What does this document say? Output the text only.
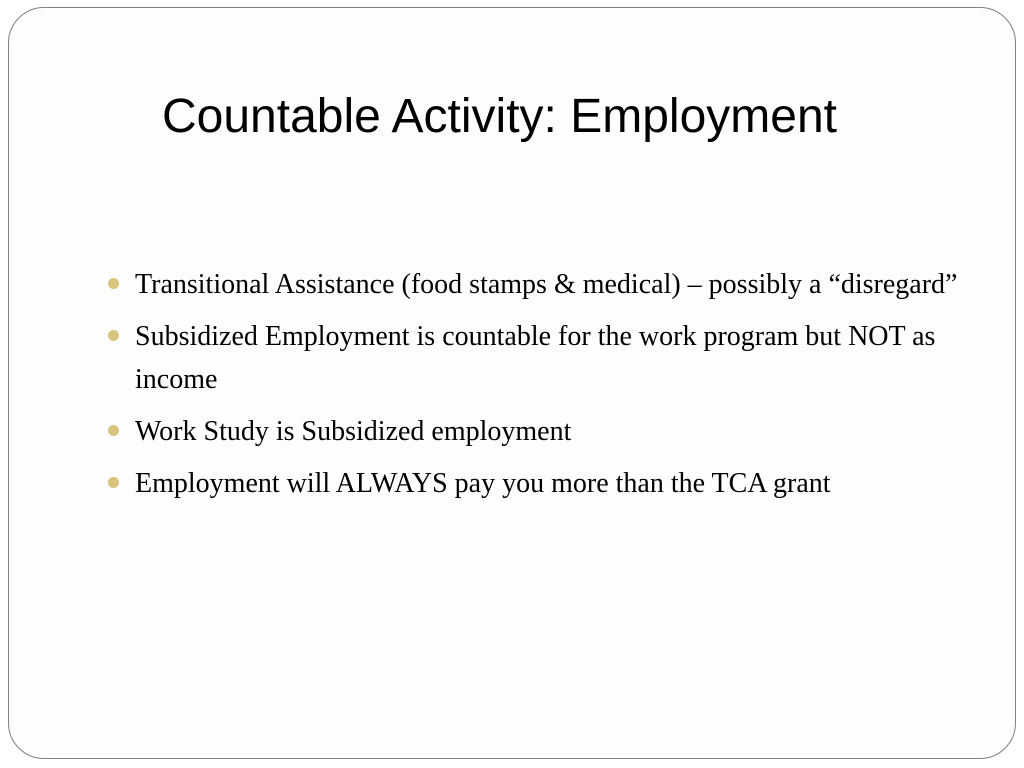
Countable Activity: Employment
Transitional Assistance (food stamps & medical) – possibly a “disregard”
Subsidized Employment is countable for the work program but NOT as income
Work Study is Subsidized employment
Employment will ALWAYS pay you more than the TCA grant
